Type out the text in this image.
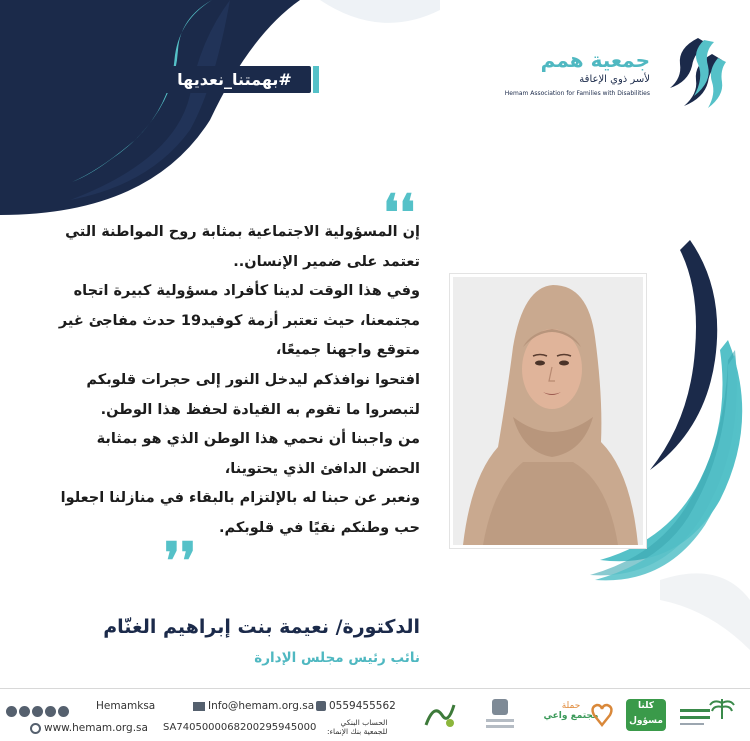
#بهمتنا_نعديها
جمعية همم
لأسر ذوي الإعاقة
Hemam Association for Families with Disabilities
❛❛
إن المسؤولية الاجتماعية بمثابة روح المواطنة التي
تعتمد على ضمير الإنسان..
وفي هذا الوقت لدينا كأفراد مسؤولية كبيرة اتجاه
مجتمعنا، حيث تعتبر أزمة كوفيد19 حدث مفاجئ غير
متوقع واجهنا جميعًا،
افتحوا نوافذكم ليدخل النور إلى حجرات قلوبكم
لتبصروا ما تقوم به القيادة لحفظ هذا الوطن.
من واجبنا أن نحمي هذا الوطن الذي هو بمثابة
الحضن الدافئ الذي يحتوينا،
ونعبر عن حبنا له بالإلتزام بالبقاء في منازلنا اجعلوا
حب وطنكم نقيًا في قلوبكم.
❜❜
الدكتورة/ نعيمة بنت إبراهيم الغنّام
نائب رئيس مجلس الإدارة
Hemamksa
www.hemam.org.sa
Info@hemam.org.sa	0559455562
SA7405000068200295945000	الحساب البنكي
للجمعية بنك الإنماء:
حملة
مجتمع واعي
كلنا مسؤول
